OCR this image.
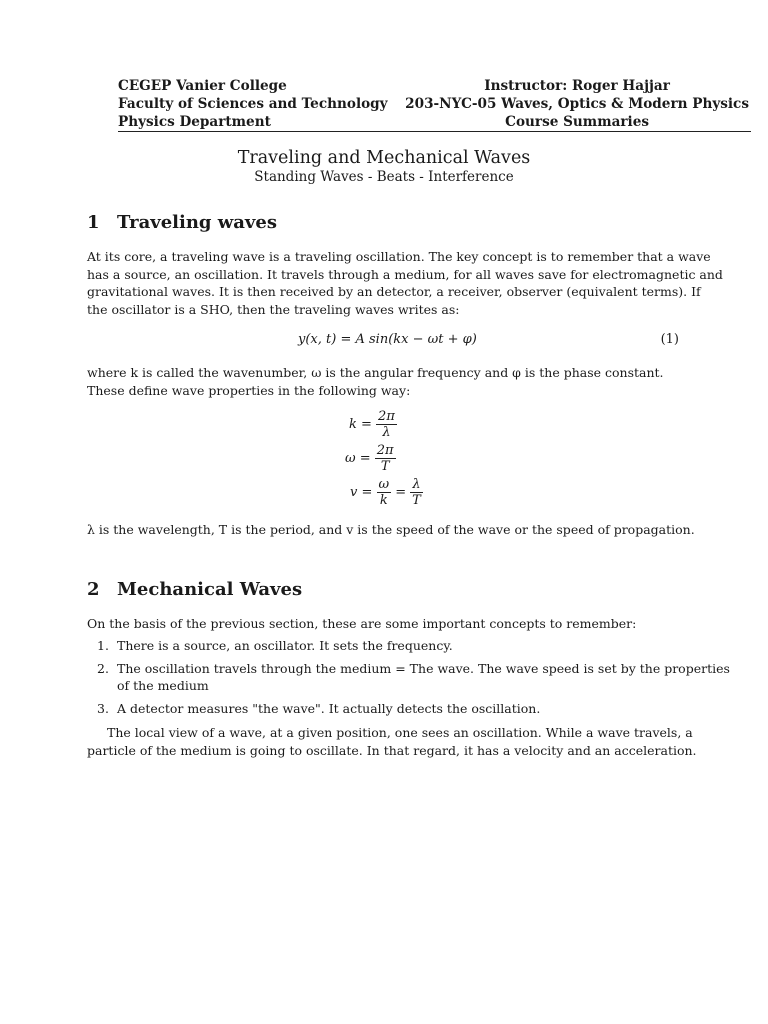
CEGEP Vanier College
Faculty of Sciences and Technology
Physics Department
Instructor: Roger Hajjar
203-NYC-05 Waves, Optics & Modern Physics
Course Summaries
Traveling and Mechanical Waves
Standing Waves - Beats - Interference
1 Traveling waves
At its core, a traveling wave is a traveling oscillation. The key concept is to remember that a wave
has a source, an oscillation. It travels through a medium, for all waves save for electromagnetic and
gravitational waves. It is then received by an detector, a receiver, observer (equivalent terms). If
the oscillator is a SHO, then the traveling waves writes as:
y(x, t) = A sin(kx − ωt + φ)	(1)
where k is called the wavenumber, ω is the angular frequency and φ is the phase constant.
These define wave properties in the following way:
$k = \frac{2\pi}{\lambda}$
$\omega = \frac{2\pi}{T}$
$v = \frac{\omega}{k} = \frac{\lambda}{T}$
λ is the wavelength, T is the period, and v is the speed of the wave or the speed of propagation.
2 Mechanical Waves
On the basis of the previous section, these are some important concepts to remember:
1. There is a source, an oscillator. It sets the frequency.
2. The oscillation travels through the medium = The wave. The wave speed is set by the properties
of the medium
3. A detector measures "the wave". It actually detects the oscillation.
The local view of a wave, at a given position, one sees an oscillation. While a wave travels, a
particle of the medium is going to oscillate. In that regard, it has a velocity and an acceleration.
